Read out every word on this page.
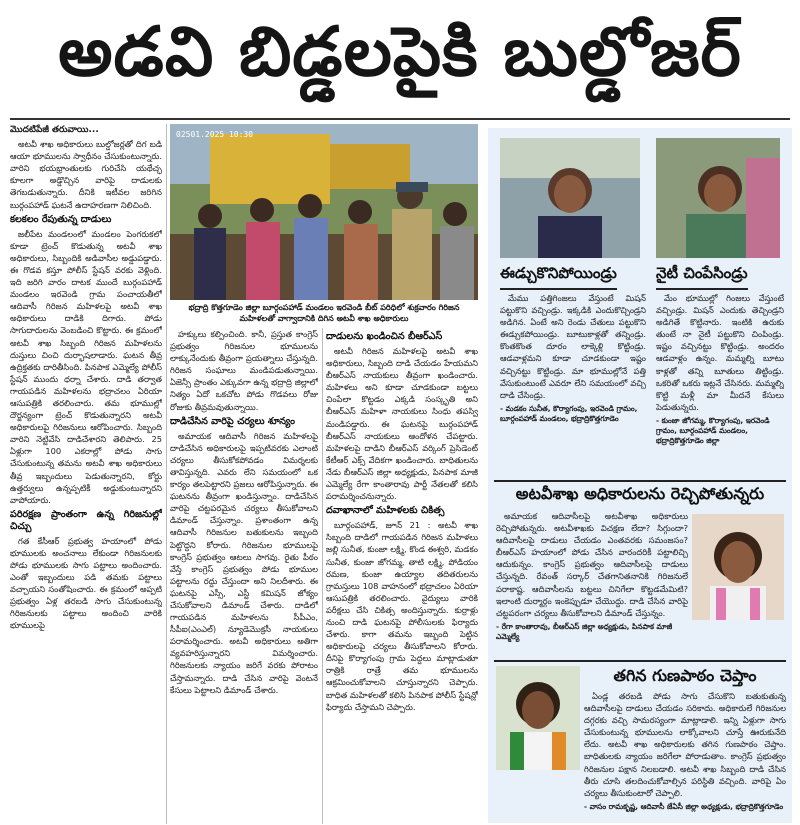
అడవి బిడ్డలపైకి బుల్డోజర్
మొదటిపేజీ తరువాయి...

అటవీ శాఖ అధికారులు బుల్డోజర్లతో దిగ బడి ఆయా భూములను స్వాధీనం చేసుకుంటున్నారు. వారిని భయభ్రాంతులకు గురిచేసి యథేచ్ఛ కూలగా అడ్డొచ్చిన వారిపై దాడులకు తెగబడుతున్నారు. దీనికి ఇటీవల జరిగిన బుర్గంపహాడ్ ఘటనే ఉదాహరణగా నిలిచింది.

కలకలం రేపుతున్న దాడులు

జలీపేట మండలంలో మండలం పెంగరుకలో కూడా ట్రెంచ్ కొడుతున్న అటవీ శాఖ అధికారులు, సిబ్బందికి అడివాసీల అడ్డుపడ్డారు. ఈ గొడవ కస్తూ పోలీస్ స్టేషన్ వరకు వెళ్లింది. ఇది జరిగి వారం దాటక ముందే బుర్గంపహాడ్ మండలం ఇరవెండి గ్రామ పంచాయతీలో ఆదివాసీ గిరిజన మహిళలపై అటవీ శాఖ అధికారులు దాడికి దిగారు. పోడు సాగుదారులను వెంబడించి కొట్టారు. ఈ క్రమంలో అటవీ శాఖ సిబ్బంది గిరిజన మహిళలను దుస్తులు చించి దుర్భాషలాడారు. ఘటన తీవ్ర ఉద్రిక్తతకు దారితీసింది. పినపాక ఎమ్మెల్యే పోలీస్ స్టేషన్ ముందు ధర్నా చేశారు. దాడి తర్వాత గాయపడిన మహిళలను భద్రాచలం ఏరియా ఆసుపత్రికి తరలించారు. తమ భూముల్లో దౌర్జన్యంగా ట్రెంచ్ కొడుతున్నారని అటవీ అధికారులపై గిరిజనులు ఆరోపించారు. సిబ్బంది వారిని నెట్టివేసి దాడిచేశారని తెలిపారు. 25 ఏళ్లుగా 100 ఎకరాల్లో పోడు సాగు చేసుకుంటున్న తమను అటవీ శాఖ అధికారులు తీవ్ర ఇబ్బందులు పెడుతున్నారని, కోర్టు ఉత్తర్వులు ఉన్నప్పటికీ అడ్డుకుంటున్నారని వాపోయారు.

పరిరక్షణ ప్రాంతంగా ఉన్న గిరిజనుల్లో చిచ్చు

గత కేసీఆర్ ప్రభుత్వ హయాంలో పోడు భూములకు అంచనాలు లేకుండా గిరిజనులకు పోడు భూములకు సాగు పట్టాలు అందించారు. ఎంతో ఇబ్బందులు పడి తమకు పట్టాలు వచ్చాయని సంతోషించారు. ఈ క్రమంలో అప్పటి ప్రభుత్వం ఏళ్ల తరబడి సాగు చేసుకుంటున్న గిరిజనులకు పట్టాలు అందించి వారికి భూములపై

02501.2025 10:30
భద్రాద్రి కొత్తగూడెం జిల్లా బూర్గంపహాడ్ మండలం ఇరవెండి బీట్ పరిధిలో శుక్రవారం గిరిజన మహిళలతో వాగ్వాదానికి దిగిన అటవీ శాఖ అధికారులు

హక్కులు కల్పించింది. కానీ, ప్రస్తుత కాంగ్రెస్ ప్రభుత్వం గిరిజనుల భూములను లాక్కునేందుకు తీవ్రంగా ప్రయత్నాలు చేస్తున్నది. గిరిజన సంఘాలు మండిపడుతున్నాయి. ఏజెన్సీ ప్రాంతం ఎక్కువగా ఉన్న భద్రాద్రి జిల్లాలో నిత్యం ఏదో ఒకచోట పోడు గొడవలు రోజు రోజుకు తీవ్రమవుతున్నాయి.

దాడిచేసిన వారిపై చర్యలు శూన్యం

అమాయక ఆదివాసీ గిరిజన మహిళలపై దాడిచేసిన అధికారులపై ఇప్పటివరకు ఎలాంటి చర్యలు తీసుకోకపోవడం విమర్శలకు తావిస్తున్నది. ఎవరు లేని సమయంలో ఒక కార్యం తలపెట్టారని ప్రజలు ఆరోపిస్తున్నారు. ఈ ఘటనను తీవ్రంగా ఖండిస్తున్నాం. దాడిచేసిన వారిపై చట్టపరమైన చర్యలు తీసుకోవాలని డిమాండ్ చేస్తున్నాం. ప్రశాంతంగా ఉన్న ఆదివాసీ గిరిజనుల బతుకులను ఇబ్బంది పెట్టొద్దని కోరారు. గిరిజనుల భూములపై కాంగ్రెస్ ప్రభుత్వం ఆటలు సాగవు. రైతు పీఠం వేస్తే కాంగ్రెస్ ప్రభుత్వం పోడు భూముల పట్టాలను రద్దు చేస్తుందా అని నిలదీశారు. ఈ ఘటనపై ఎస్సీ, ఎస్టీ కమిషన్ జోక్యం చేసుకోవాలని డిమాండ్ చేశారు. దాడిలో గాయపడిన మహిళలను సీపీఎం, సీపీఐ(ఎంఎల్) న్యూడెమొక్రసీ నాయకులు పరామర్శించారు. అటవీ అధికారులు అతిగా వ్యవహరిస్తున్నారని విమర్శించారు. గిరిజనులకు న్యాయం జరిగే వరకు పోరాటం చేస్తామన్నారు. దాడి చేసిన వారిపై వెంటనే కేసులు పెట్టాలని డిమాండ్ చేశారు.

దాడులను ఖండించిన బీఆర్ఎస్

అటవీ గిరిజన మహిళలపై అటవీ శాఖ అధికారులు, సిబ్బంది దాడి చేయడం హేయమని బీఆర్ఎస్ నాయకులు తీవ్రంగా ఖండించారు. మహిళలు అని కూడా చూడకుండా బట్టలు చింపేలా కొట్టడం ఎక్కడి సంస్కృతి అని బీఆర్ఎస్ మహిళా నాయకులు సింధు తపస్వి మండిపడ్డారు. ఈ ఘటనపై బుర్గంపహాడ్ బీఆర్ఎస్ నాయకులు ఆందోళన చేపట్టారు. మహిళలపై దాడిని బీఆర్ఎస్ వర్కింగ్ ప్రెసిడెంట్ కేటీఆర్ ఎక్స్ వేదికగా ఖండించారు. బాధితులను నేడు బీఆర్ఎస్ జిల్లా అధ్యక్షుడు, పినపాక మాజీ ఎమ్మెల్యే రేగా కాంతారావు పార్టీ నేతలతో కలిసి పరామర్శించనున్నారు.

దవాఖానాలో మహిళలకు చికిత్స

బూర్గంపహాడ్, జూన్ 21 : అటవీ శాఖ సిబ్బంది దాడిలో గాయపడిన గిరిజన మహిళలు జల్లి సునీత, కుంజా లక్ష్మి, కొండ ఈశ్వరి, మడకం సునీత, కుంజా జోగమ్మ, తాటి లక్ష్మి, పోడియం రమణ, కుంజా ఉయ్యాల తదితరులను గ్రామస్తులు 108 వాహనంలో భద్రాచలం ఏరియా ఆసుపత్రికి తరలించారు. వైద్యులు వారికి పరీక్షలు చేసి చికిత్స అందిస్తున్నారు. కుర్రాళ్లు నుంచి దాడి ఘటనపై పోలీసులకు ఫిర్యాదు చేశారు. కాగా తమను ఇబ్బంది పెట్టిన అధికారులపై చర్యలు తీసుకోవాలని కోరారు. దీనిపై కొర్యాగంపు గ్రామ పెద్దలు మాట్లాడుతూ రాత్రికి రాత్రే తమ భూములను ఆక్రమించుకోవాలని చూస్తున్నారని చెప్పారు. బాధిత మహిళలతో కలిసి పినపాక పోలీస్ స్టేషన్లో ఫిర్యాదు చేస్తామని చెప్పారు.

ఈడ్చుకొనిపోయిండ్రు	నైటీ చింపేసిండ్రు

మేము పత్తిగింజలు వేస్తుంటే మిషన్ పట్టుకొని వచ్చిండ్రు. ఇక్కడికి ఎందుకొచ్చిండ్రని అడిగిన. ఏంటే అని రెండు చేతులు పట్టుకొని ఈడ్చుకపోయిండ్రు. బూటుకాళ్లతో తన్నిండ్రు. కొంతకొంత దూరం లాక్కెళ్లి కొట్టిండ్రు. ఆడవాళ్లమని కూడా చూడకుండా ఇష్టం వచ్చినట్టు కొట్టిండ్రు. మా భూముల్లోనే పత్తి వేసుకుంటుంటే ఎవరూ లేని సమయంలో వచ్చి దాడి చేసిండ్రు.

- మడకం సునీత, కొర్యాగంపు, ఇరవెండి గ్రామం, బూర్గంపహాడ్ మండలం, భద్రాద్రికొత్తగూడెం

మేం భూముల్లో గింజలు వేస్తుంటే వచ్చిండ్రు. మిషన్ ఎందుకు తెచ్చిండ్రని అడిగితే కొట్టినారు. ఇంటికి ఉరుకు తుంటే నా నైటీ పట్టుకొని చింపిండ్రు. ఇష్టం వచ్చినట్టు కొట్టిండ్రు. అందరం ఆడవాళ్లం ఉన్నం. మమ్మల్ని బూటు కాళ్లతో తన్ని బూతులు తిట్టిండ్రు. ఒకరితో ఒకరు ఇట్లనే చేసినరు. మమ్మల్ని కొట్టి మళ్లీ మా మీదనే కేసులు పెడుతున్నరు.

- కుంజా జోగమ్మ, కొర్యాగంపు, ఇరవెండి గ్రామం, బూర్గంపహాడ్ మండలం, భద్రాద్రికొత్తగూడెం జిల్లా
అటవీశాఖ అధికారులను రెచ్చిపోతున్నరు

అమాయక ఆదివాసీలపై అటవీశాఖ అధికారులు రెచ్చిపోతున్నరు. అటవీశాఖకు విచక్షణ లేదా? సిగ్గుందా? ఆదివాసీలపై దాడులు చేయడం ఎంతవరకు సమంజసం? బీఆర్ఎస్ హయాంలో పోడు చేసిన వారందరికీ పట్టాలిచ్చి ఆదుకున్నం. కాంగ్రెస్ ప్రభుత్వం ఆదివాసీలపై దాడులు చేస్తున్నది. రేవంత్ సర్కార్ చేతగానితనానికి గిరిజనులే పరాకాష్ట. ఆదివాసీలను బట్టలు చినిగేలా కొట్టడమేమిటి? ఇలాంటి దుర్మార్గం ఇంకెప్పుడూ చేయొద్దు. దాడి చేసిన వారిపై చట్టపరంగా చర్యలు తీసుకోవాలని డిమాండ్ చేస్తున్నం.

- రేగా కాంతారావు, బీఆర్ఎస్ జిల్లా అధ్యక్షుడు, పినపాక మాజీ ఎమ్మెల్యే
తగిన గుణపాఠం చెప్తాం

ఏండ్ల తరబడి పోడు సాగు చేసుకొని బతుకుతున్న ఆదివాసీలపై దాడులు చేయడం సరికాదు. అధికారులే గిరిజనుల దగ్గరకు వచ్చి సామరస్యంగా మాట్లాడాలి. ఇన్ని ఏళ్లుగా సాగు చేసుకుంటున్న భూములను లాక్కోవాలని చూస్తే ఊరుకునేది లేదు. అటవీ శాఖ అధికారులకు తగిన గుణపాఠం చెప్తాం. బాధితులకు న్యాయం జరిగేలా పోరాడుతాం. కాంగ్రెస్ ప్రభుత్వం గిరిజనుల పక్షాన నిలబడాలి. అటవీ శాఖ సిబ్బంది దాడి చేసిన తీరు చూసి తలదించుకోవాల్సిన పరిస్థితి వచ్చింది. వారిపై ఏం చర్యలు తీసుకుంటారో చెప్పాలి.

- వాసం రామకృష్ణ, ఆదివాసీ జేఏసీ జిల్లా అధ్యక్షుడు, భద్రాద్రికొత్తగూడెం
